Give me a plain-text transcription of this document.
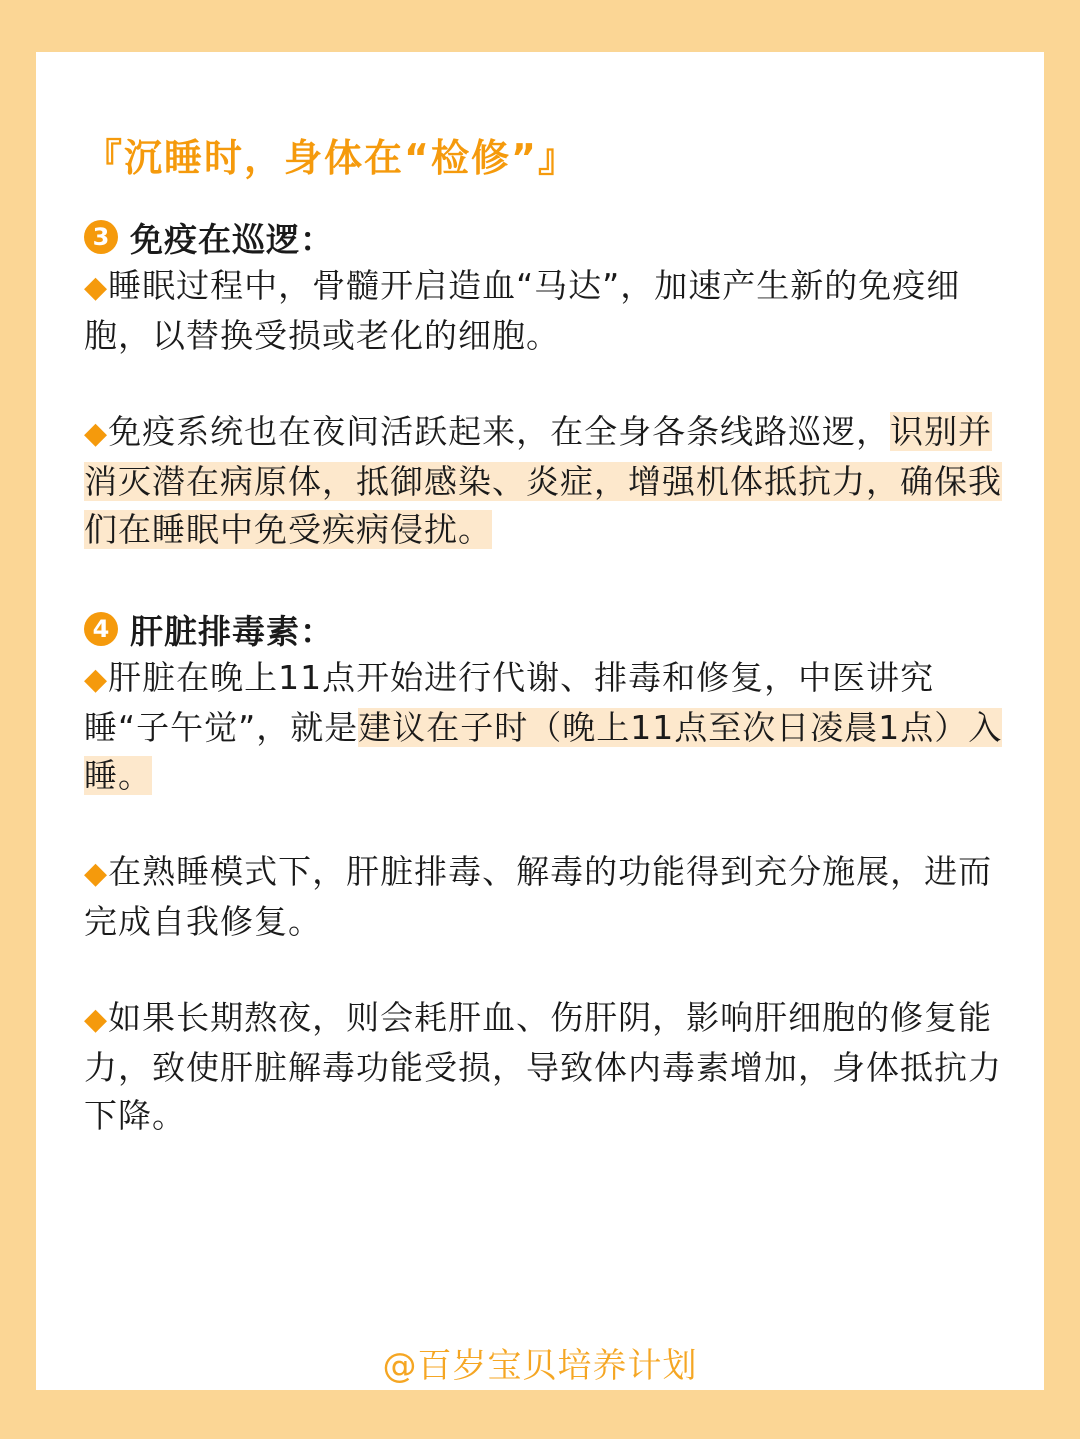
『沉睡时，身体在“检修”』
3 免疫在巡逻：

◆睡眠过程中，骨髓开启造血“马达”，加速产生新的免疫细胞，以替换受损或老化的细胞。

◆免疫系统也在夜间活跃起来，在全身各条线路巡逻，识别并消灭潜在病原体，抵御感染、炎症，增强机体抵抗力，确保我们在睡眠中免受疾病侵扰。

4 肝脏排毒素：

◆肝脏在晚上11点开始进行代谢、排毒和修复，中医讲究睡“子午觉”，就是建议在子时（晚上11点至次日凌晨1点）入睡。

◆在熟睡模式下，肝脏排毒、解毒的功能得到充分施展，进而完成自我修复。

◆如果长期熬夜，则会耗肝血、伤肝阴，影响肝细胞的修复能力，致使肝脏解毒功能受损，导致体内毒素增加，身体抵抗力下降。

@百岁宝贝培养计划
